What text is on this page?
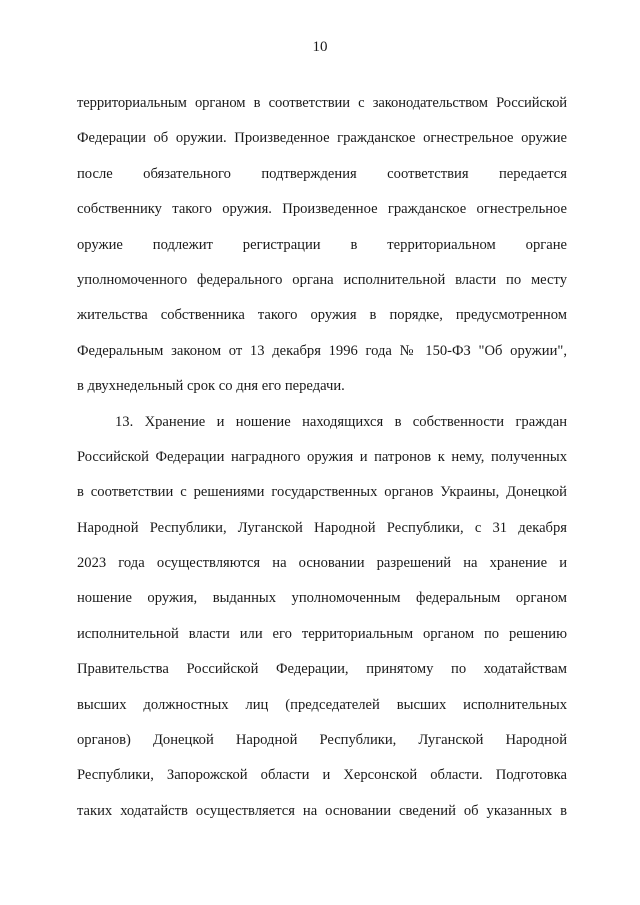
10
территориальным органом в соответствии с законодательством Российской
Федерации об оружии. Произведенное гражданское огнестрельное оружие
после обязательного подтверждения соответствия передается
собственнику такого оружия. Произведенное гражданское огнестрельное
оружие подлежит регистрации в территориальном органе
уполномоченного федерального органа исполнительной власти по месту
жительства собственника такого оружия в порядке, предусмотренном
Федеральным законом от 13 декабря 1996 года № 150-ФЗ "Об оружии",
в двухнедельный срок со дня его передачи.
13. Хранение и ношение находящихся в собственности граждан
Российской Федерации наградного оружия и патронов к нему, полученных
в соответствии с решениями государственных органов Украины, Донецкой
Народной Республики, Луганской Народной Республики, с 31 декабря
2023 года осуществляются на основании разрешений на хранение и
ношение оружия, выданных уполномоченным федеральным органом
исполнительной власти или его территориальным органом по решению
Правительства Российской Федерации, принятому по ходатайствам
высших должностных лиц (председателей высших исполнительных
органов) Донецкой Народной Республики, Луганской Народной
Республики, Запорожской области и Херсонской области. Подготовка
таких ходатайств осуществляется на основании сведений об указанных в
